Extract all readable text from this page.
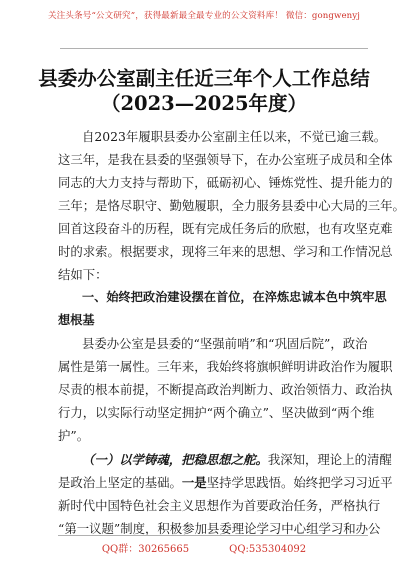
关注头条号“公文研究”，获得最新最全最专业的公文资料库！ 微信：gongwenyj
县委办公室副主任近三年个人工作总结
（2023—2025年度）
自2023年履职县委办公室副主任以来，不觉已逾三载。
这三年，是我在县委的坚强领导下，在办公室班子成员和全体
同志的大力支持与帮助下，砥砺初心、锤炼党性、提升能力的
三年；是恪尽职守、勤勉履职，全力服务县委中心大局的三年。
回首这段奋斗的历程，既有完成任务后的欣慰，也有攻坚克难
时的求索。根据要求，现将三年来的思想、学习和工作情况总
结如下：
一、始终把政治建设摆在首位，在淬炼忠诚本色中筑牢思
想根基
县委办公室是县委的“坚强前哨”和“巩固后院”，政治
属性是第一属性。三年来，我始终将旗帜鲜明讲政治作为履职
尽责的根本前提，不断提高政治判断力、政治领悟力、政治执
行力，以实际行动坚定拥护“两个确立”、坚决做到“两个维
护”。
（一）以学铸魂，把稳思想之舵。我深知，理论上的清醒
是政治上坚定的基础。一是坚持学思践悟。始终把学习习近平
新时代中国特色社会主义思想作为首要政治任务，严格执行
“第一议题”制度，积极参加县委理论学习中心组学习和办公
QQ群：30265665	QQ:535304092
